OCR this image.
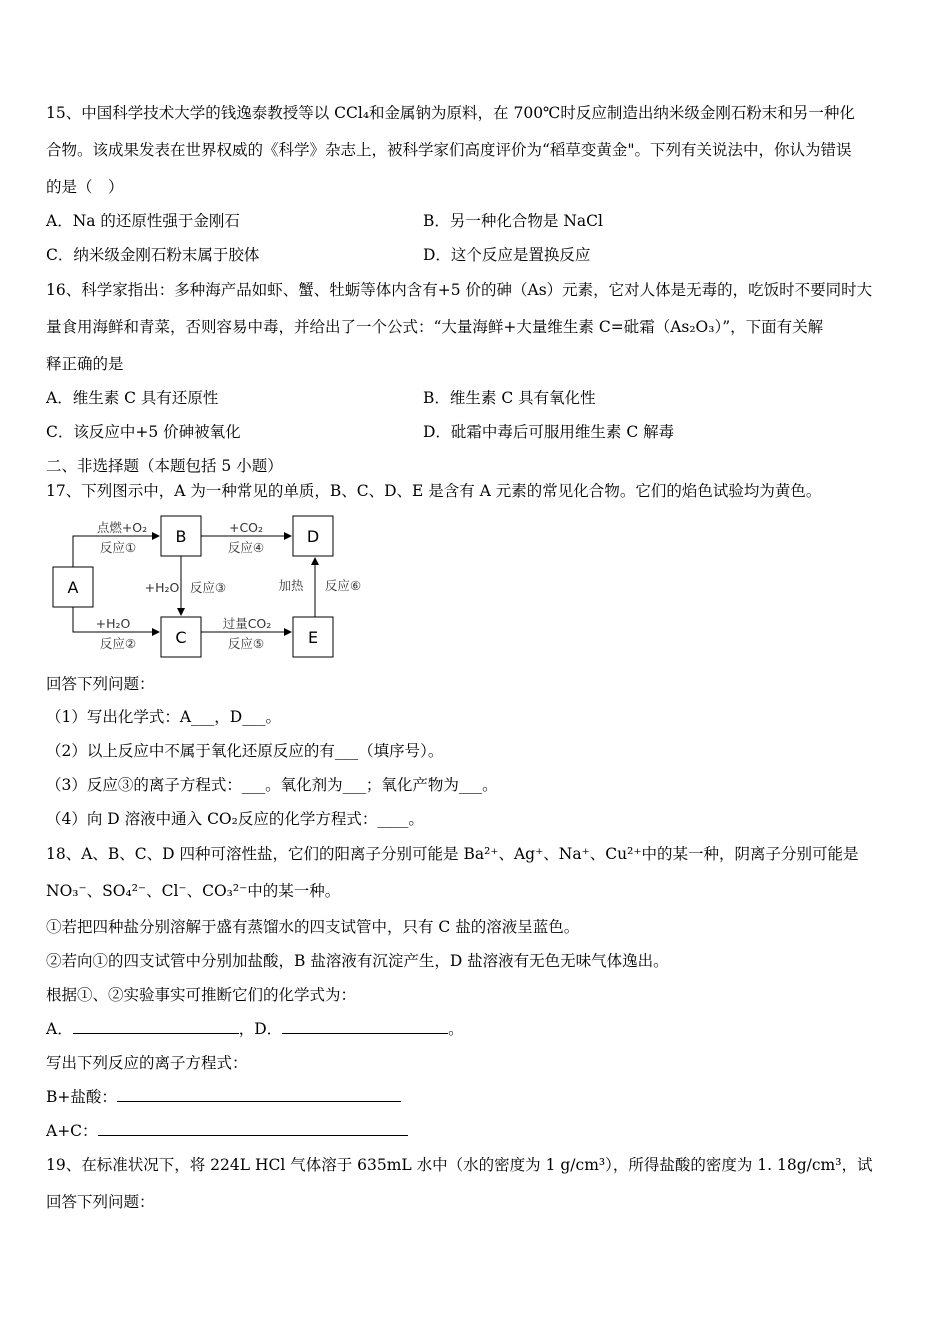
15、中国科学技术大学的钱逸泰教授等以 CCl₄和金属钠为原料，在 700℃时反应制造出纳米级金刚石粉末和另一种化
合物。该成果发表在世界权威的《科学》杂志上，被科学家们高度评价为“稻草变黄金"。下列有关说法中，你认为错误
的是（　）
A．Na 的还原性强于金刚石	B．另一种化合物是 NaCl
C．纳米级金刚石粉末属于胶体	D．这个反应是置换反应
16、科学家指出：多种海产品如虾、蟹、牡蛎等体内含有+5 价的砷（As）元素，它对人体是无毒的，吃饭时不要同时大
量食用海鲜和青菜，否则容易中毒，并给出了一个公式：“大量海鲜+大量维生素 C=砒霜（As₂O₃）”，下面有关解
释正确的是
A．维生素 C 具有还原性	B．维生素 C 具有氧化性
C．该反应中+5 价砷被氧化	D．砒霜中毒后可服用维生素 C 解毒
二、非选择题（本题包括 5 小题）
17、下列图示中，A 为一种常见的单质，B、C、D、E 是含有 A 元素的常见化合物。它们的焰色试验均为黄色。
A
B
C
D
E
点燃+O₂
反应①
+CO₂
反应④
+H₂O
反应②
过量CO₂
反应⑤
+H₂O 反应③	加热 反应⑥
回答下列问题：
（1）写出化学式：A___，D___。
（2）以上反应中不属于氧化还原反应的有___（填序号）。
（3）反应③的离子方程式：___。氧化剂为___；氧化产物为___。
（4）向 D 溶液中通入 CO₂反应的化学方程式：____。
18、A、B、C、D 四种可溶性盐，它们的阳离子分别可能是 Ba²⁺、Ag⁺、Na⁺、Cu²⁺中的某一种，阴离子分别可能是
NO₃⁻、SO₄²⁻、Cl⁻、CO₃²⁻中的某一种。
①若把四种盐分别溶解于盛有蒸馏水的四支试管中，只有 C 盐的溶液呈蓝色。
②若向①的四支试管中分别加盐酸，B 盐溶液有沉淀产生，D 盐溶液有无色无味气体逸出。
根据①、②实验事实可推断它们的化学式为：
A．	，D．	。
写出下列反应的离子方程式：
B+盐酸：
A+C：
19、在标准状况下，将 224L HCl 气体溶于 635mL 水中（水的密度为 1 g/cm³），所得盐酸的密度为 1. 18g/cm³，试
回答下列问题：
